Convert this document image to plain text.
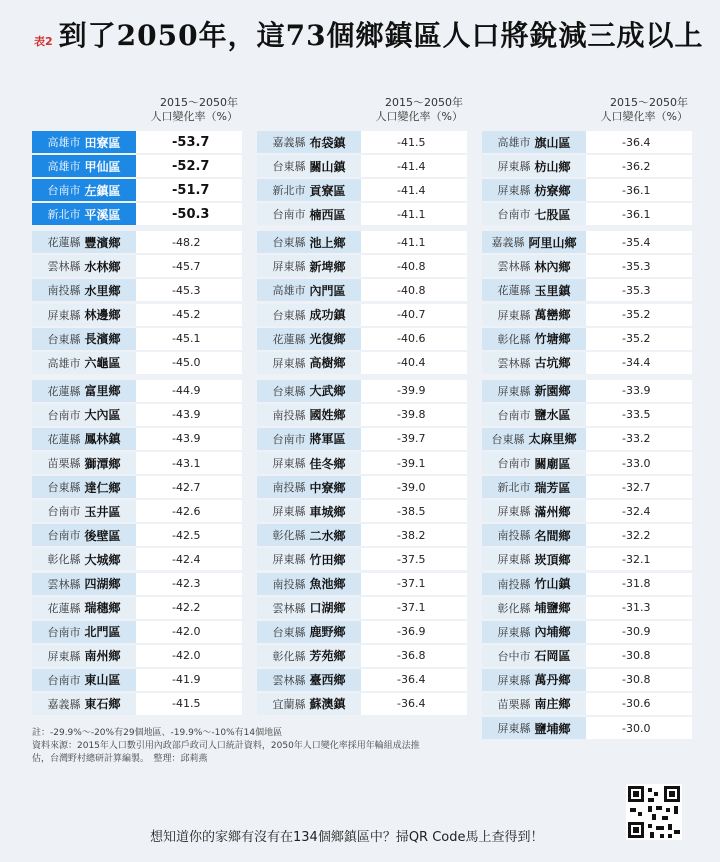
表2 到了2050年，這73個鄉鎮區人口將銳減三成以上
2015～2050年
人口變化率（%）
高雄市 田寮區	-53.7
高雄市 甲仙區	-52.7
台南市 左鎮區	-51.7
新北市 平溪區	-50.3
花蓮縣 豐濱鄉	-48.2
雲林縣 水林鄉	-45.7
南投縣 水里鄉	-45.3
屏東縣 林邊鄉	-45.2
台東縣 長濱鄉	-45.1
高雄市 六龜區	-45.0
花蓮縣 富里鄉	-44.9
台南市 大內區	-43.9
花蓮縣 鳳林鎮	-43.9
苗栗縣 獅潭鄉	-43.1
台東縣 達仁鄉	-42.7
台南市 玉井區	-42.6
台南市 後壁區	-42.5
彰化縣 大城鄉	-42.4
雲林縣 四湖鄉	-42.3
花蓮縣 瑞穗鄉	-42.2
台南市 北門區	-42.0
屏東縣 南州鄉	-42.0
台南市 東山區	-41.9
嘉義縣 東石鄉	-41.5
2015～2050年
人口變化率（%）
嘉義縣 布袋鎮	-41.5
台東縣 關山鎮	-41.4
新北市 貢寮區	-41.4
台南市 楠西區	-41.1
台東縣 池上鄉	-41.1
屏東縣 新埤鄉	-40.8
高雄市 內門區	-40.8
台東縣 成功鎮	-40.7
花蓮縣 光復鄉	-40.6
屏東縣 高樹鄉	-40.4
台東縣 大武鄉	-39.9
南投縣 國姓鄉	-39.8
台南市 將軍區	-39.7
屏東縣 佳冬鄉	-39.1
南投縣 中寮鄉	-39.0
屏東縣 車城鄉	-38.5
彰化縣 二水鄉	-38.2
屏東縣 竹田鄉	-37.5
南投縣 魚池鄉	-37.1
雲林縣 口湖鄉	-37.1
台東縣 鹿野鄉	-36.9
彰化縣 芳苑鄉	-36.8
雲林縣 臺西鄉	-36.4
宜蘭縣 蘇澳鎮	-36.4
2015～2050年
人口變化率（%）
高雄市 旗山區	-36.4
屏東縣 枋山鄉	-36.2
屏東縣 枋寮鄉	-36.1
台南市 七股區	-36.1
嘉義縣 阿里山鄉	-35.4
雲林縣 林內鄉	-35.3
花蓮縣 玉里鎮	-35.3
屏東縣 萬巒鄉	-35.2
彰化縣 竹塘鄉	-35.2
雲林縣 古坑鄉	-34.4
屏東縣 新園鄉	-33.9
台南市 鹽水區	-33.5
台東縣 太麻里鄉	-33.2
台南市 關廟區	-33.0
新北市 瑞芳區	-32.7
屏東縣 滿州鄉	-32.4
南投縣 名間鄉	-32.2
屏東縣 崁頂鄉	-32.1
南投縣 竹山鎮	-31.8
彰化縣 埔鹽鄉	-31.3
屏東縣 內埔鄉	-30.9
台中市 石岡區	-30.8
屏東縣 萬丹鄉	-30.8
苗栗縣 南庄鄉	-30.6
屏東縣 鹽埔鄉	-30.0
註：-29.9%～-20%有29個地區、-19.9%～-10%有14個地區
資料來源：2015年人口數引用內政部戶政司人口統計資料，2050年人口變化率採用年輪組成法推
估，台灣野村總研計算編製。　整理：邱莉燕
想知道你的家鄉有沒有在134個鄉鎮區中？掃QR Code馬上查得到！
